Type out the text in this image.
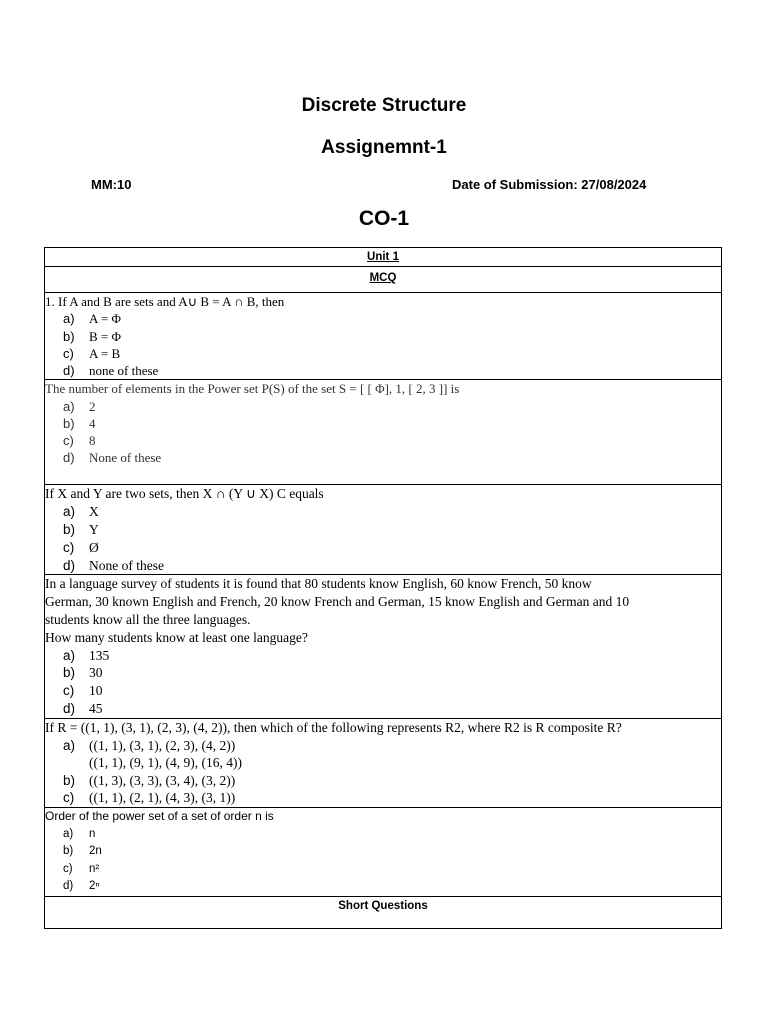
Discrete Structure
Assignemnt-1
MM:10	Date of Submission: 27/08/2024
CO-1
Unit 1
MCQ

1. If A and B are sets and A∪ B = A ∩ B, then

a)	A = Φ
b)	B = Φ
c)	A = B
d)	none of these

The number of elements in the Power set P(S) of the set S = [ [ Φ], 1, [ 2, 3 ]] is

a)	2
b)	4
c)	8
d)	None of these

If X and Y are two sets, then X ∩ (Y ∪ X) C equals

a)	X
b)	Y
c)	Ø
d)	None of these

In a language survey of students it is found that 80 students know English, 60 know French, 50 know
German, 30 known English and French, 20 know French and German, 15 know English and German and 10
students know all the three languages.
How many students know at least one language?
a)	135
b)	30
c)	10
d)	45

If R = ((1, 1), (3, 1), (2, 3), (4, 2)), then which of the following represents R2, where R2 is R composite R?

a)	((1, 1), (3, 1), (2, 3), (4, 2))
((1, 1), (9, 1), (4, 9), (16, 4))
b)	((1, 3), (3, 3), (3, 4), (3, 2))
c)	((1, 1), (2, 1), (4, 3), (3, 1))

Order of the power set of a set of order n is

a)	n
b)	2n
c)	n²
d)	2ⁿ

Short Questions
